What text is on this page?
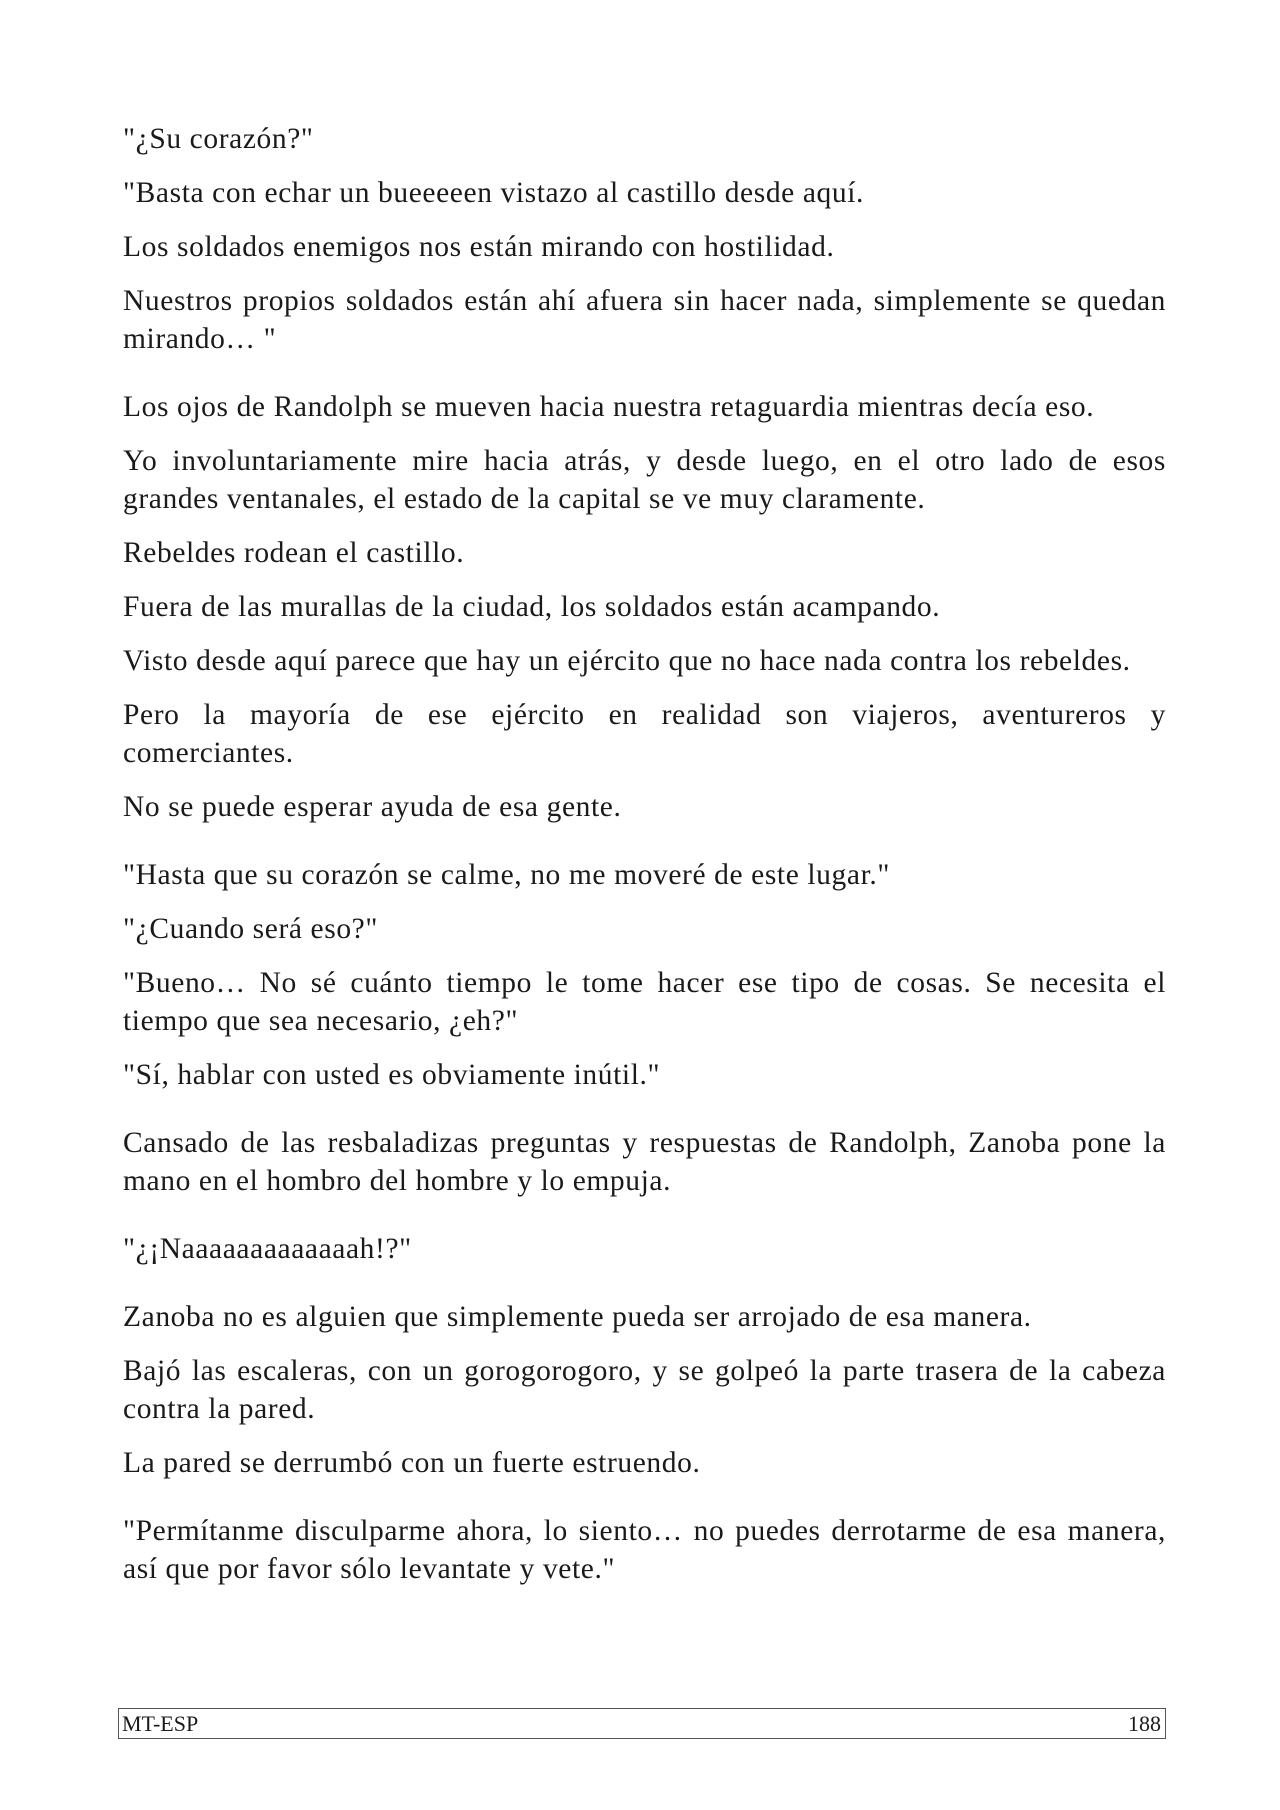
"¿Su corazón?"

"Basta con echar un bueeeeen vistazo al castillo desde aquí.

Los soldados enemigos nos están mirando con hostilidad.

Nuestros propios soldados están ahí afuera sin hacer nada, simplemente se quedan mirando… "

Los ojos de Randolph se mueven hacia nuestra retaguardia mientras decía eso.

Yo involuntariamente mire hacia atrás, y desde luego, en el otro lado de esos grandes ventanales, el estado de la capital se ve muy claramente.

Rebeldes rodean el castillo.

Fuera de las murallas de la ciudad, los soldados están acampando.

Visto desde aquí parece que hay un ejército que no hace nada contra los rebeldes.

Pero la mayoría de ese ejército en realidad son viajeros, aventureros y comerciantes.

No se puede esperar ayuda de esa gente.

"Hasta que su corazón se calme, no me moveré de este lugar."

"¿Cuando será eso?"

"Bueno… No sé cuánto tiempo le tome hacer ese tipo de cosas. Se necesita el tiempo que sea necesario, ¿eh?"

"Sí, hablar con usted es obviamente inútil."

Cansado de las resbaladizas preguntas y respuestas de Randolph, Zanoba pone la mano en el hombro del hombre y lo empuja.

"¿¡Naaaaaaaaaaaaah!?"

Zanoba no es alguien que simplemente pueda ser arrojado de esa manera.

Bajó las escaleras, con un gorogorogoro, y se golpeó la parte trasera de la cabeza contra la pared.

La pared se derrumbó con un fuerte estruendo.

"Permítanme disculparme ahora, lo siento… no puedes derrotarme de esa manera, así que por favor sólo levantate y vete."

MT-ESP	188
